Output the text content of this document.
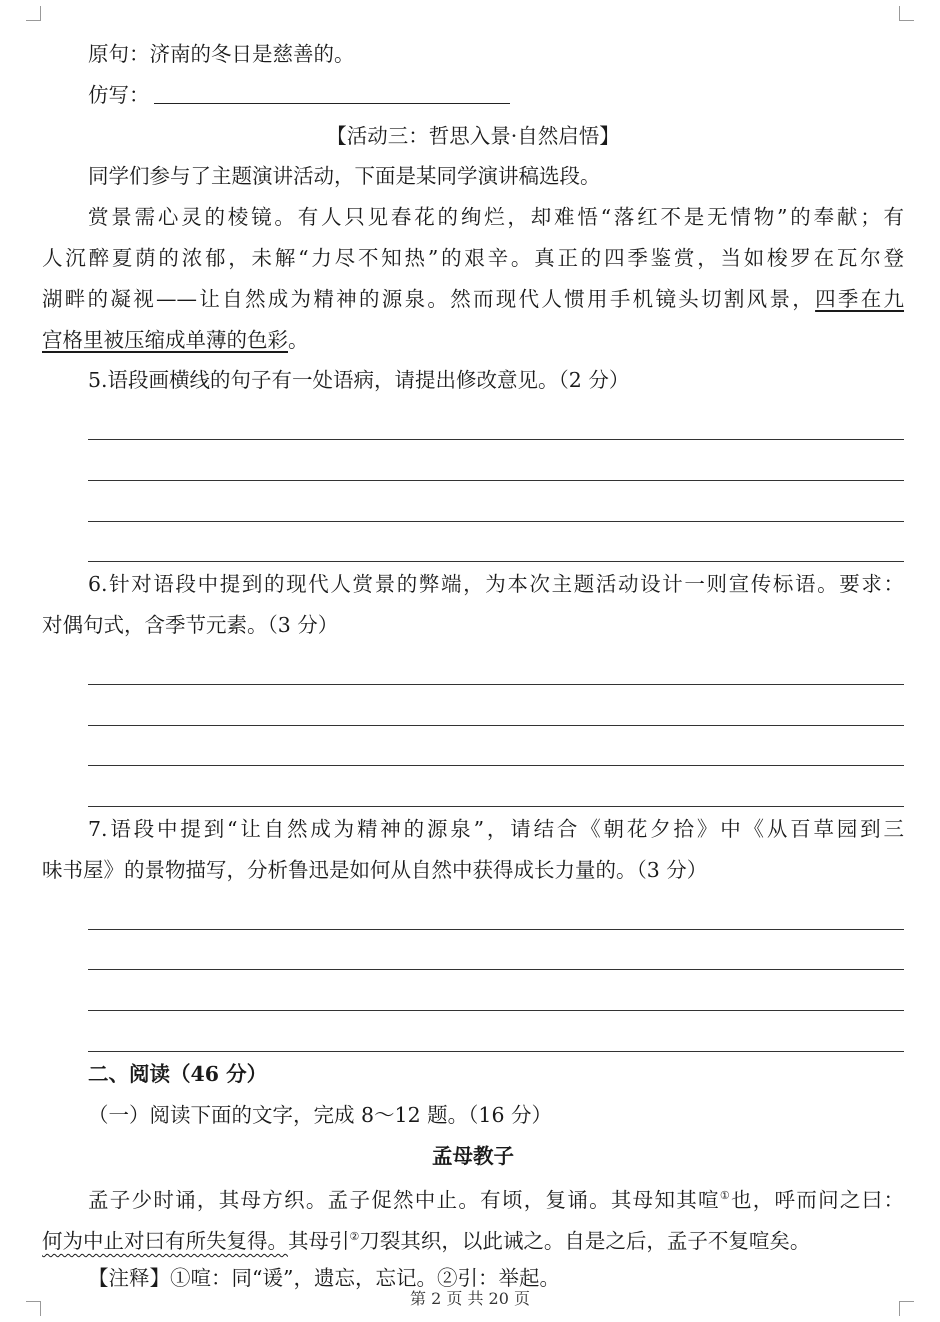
原句：济南的冬日是慈善的。
仿写：
【活动三：哲思入景·自然启悟】
同学们参与了主题演讲活动，下面是某同学演讲稿选段。
赏景需心灵的棱镜。有人只见春花的绚烂，却难悟“落红不是无情物”的奉献；有
人沉醉夏荫的浓郁，未解“力尽不知热”的艰辛。真正的四季鉴赏，当如梭罗在瓦尔登
湖畔的凝视——让自然成为精神的源泉。然而现代人惯用手机镜头切割风景，四季在九
宫格里被压缩成单薄的色彩。
5.语段画横线的句子有一处语病，请提出修改意见。（2 分）
6.针对语段中提到的现代人赏景的弊端，为本次主题活动设计一则宣传标语。要求：
对偶句式，含季节元素。（3 分）
7.语段中提到“让自然成为精神的源泉”，请结合《朝花夕拾》中《从百草园到三
味书屋》的景物描写，分析鲁迅是如何从自然中获得成长力量的。（3 分）
二、阅读（46 分）
（一）阅读下面的文字，完成 8～12 题。（16 分）
孟母教子
孟子少时诵，其母方织。孟子促然中止。有顷，复诵。其母知其喧①也，呼而问之曰：
何为中止对曰有所失复得。其母引②刀裂其织，以此诫之。自是之后，孟子不复喧矣。
【注释】①喧：同“谖”，遗忘，忘记。②引：举起。
第 2 页 共 20 页
